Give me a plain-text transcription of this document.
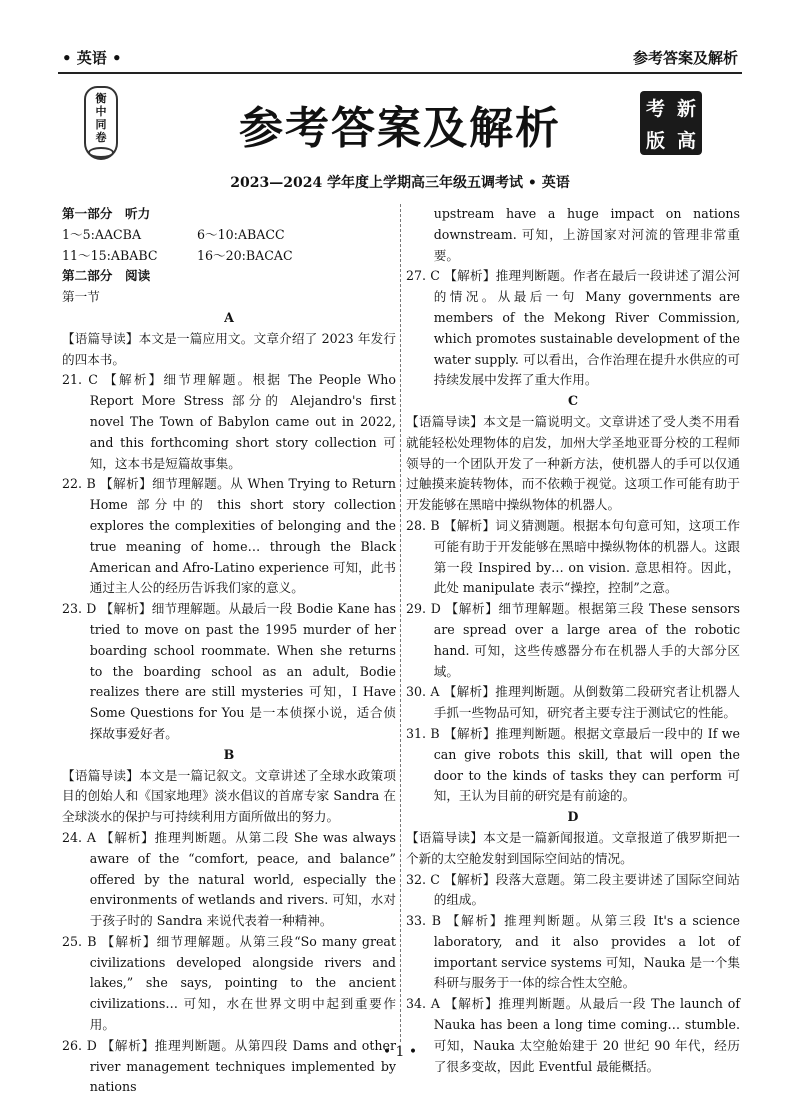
• 英语 •	参考答案及解析
衡
中
同
卷	参考答案及解析	考 新
版 高
2023—2024 学年度上学期高三年级五调考试 • 英语
第一部分　听力
1～5:AACBA	6～10:ABACC
11～15:ABABC	16～20:BACAC
第二部分　阅读
第一节
A
【语篇导读】本文是一篇应用文。文章介绍了 2023 年发行的四本书。
21. C 【解析】细节理解题。根据 The People Who Report More Stress 部分的 Alejandro's first novel The Town of Babylon came out in 2022, and this forthcoming short story collection 可知，这本书是短篇故事集。
22. B 【解析】细节理解题。从 When Trying to Return Home 部分中的 this short story collection explores the complexities of belonging and the true meaning of home… through the Black American and Afro-Latino experience 可知，此书通过主人公的经历告诉我们家的意义。
23. D 【解析】细节理解题。从最后一段 Bodie Kane has tried to move on past the 1995 murder of her boarding school roommate. When she returns to the boarding school as an adult, Bodie realizes there are still mysteries 可知，I Have Some Questions for You 是一本侦探小说，适合侦探故事爱好者。
B
【语篇导读】本文是一篇记叙文。文章讲述了全球水政策项目的创始人和《国家地理》淡水倡议的首席专家 Sandra 在全球淡水的保护与可持续利用方面所做出的努力。
24. A 【解析】推理判断题。从第二段 She was always aware of the “comfort, peace, and balance” offered by the natural world, especially the environments of wetlands and rivers. 可知，水对于孩子时的 Sandra 来说代表着一种精神。
25. B 【解析】细节理解题。从第三段“So many great civilizations developed alongside rivers and lakes,” she says, pointing to the ancient civilizations… 可知，水在世界文明中起到重要作用。
26. D 【解析】推理判断题。从第四段 Dams and other river management techniques implemented by nations
upstream have a huge impact on nations downstream. 可知，上游国家对河流的管理非常重要。
27. C 【解析】推理判断题。作者在最后一段讲述了湄公河的情况。从最后一句 Many governments are members of the Mekong River Commission, which promotes sustainable development of the water supply. 可以看出，合作治理在提升水供应的可持续发展中发挥了重大作用。
C
【语篇导读】本文是一篇说明文。文章讲述了受人类不用看就能轻松处理物体的启发，加州大学圣地亚哥分校的工程师领导的一个团队开发了一种新方法，使机器人的手可以仅通过触摸来旋转物体，而不依赖于视觉。这项工作可能有助于开发能够在黑暗中操纵物体的机器人。
28. B 【解析】词义猜测题。根据本句句意可知，这项工作可能有助于开发能够在黑暗中操纵物体的机器人。这跟第一段 Inspired by… on vision. 意思相符。因此，此处 manipulate 表示“操控，控制”之意。
29. D 【解析】细节理解题。根据第三段 These sensors are spread over a large area of the robotic hand. 可知，这些传感器分布在机器人手的大部分区域。
30. A 【解析】推理判断题。从倒数第二段研究者让机器人手抓一些物品可知，研究者主要专注于测试它的性能。
31. B 【解析】推理判断题。根据文章最后一段中的 If we can give robots this skill, that will open the door to the kinds of tasks they can perform 可知，王认为目前的研究是有前途的。
D
【语篇导读】本文是一篇新闻报道。文章报道了俄罗斯把一个新的太空舱发射到国际空间站的情况。
32. C 【解析】段落大意题。第二段主要讲述了国际空间站的组成。
33. B 【解析】推理判断题。从第三段 It's a science laboratory, and it also provides a lot of important service systems 可知，Nauka 是一个集科研与服务于一体的综合性太空舱。
34. A 【解析】推理判断题。从最后一段 The launch of Nauka has been a long time coming… stumble. 可知，Nauka 太空舱始建于 20 世纪 90 年代，经历了很多变故，因此 Eventful 最能概括。
• 1 •
